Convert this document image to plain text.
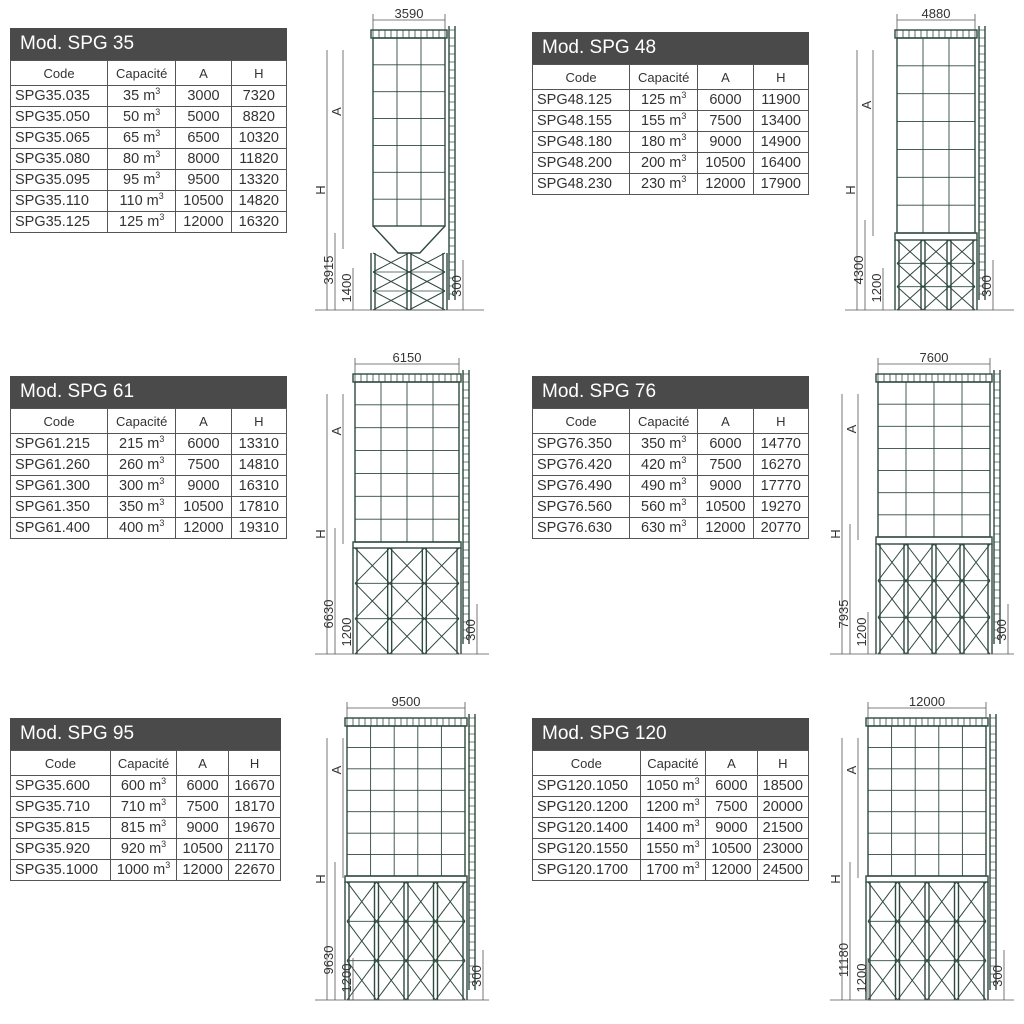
Mod. SPG 35
Code	Capacité	A	H
SPG35.035	35 $m^3$	3000	7320
SPG35.050	50 $m^3$	5000	8820
SPG35.065	65 $m^3$	6500	10320
SPG35.080	80 $m^3$	8000	11820
SPG35.095	95 $m^3$	9500	13320
SPG35.110	110 $m^3$	10500	14820
SPG35.125	125 $m^3$	12000	16320
Mod. SPG 48
Code	Capacité	A	H
SPG48.125	125 $m^3$	6000	11900
SPG48.155	155 $m^3$	7500	13400
SPG48.180	180 $m^3$	9000	14900
SPG48.200	200 $m^3$	10500	16400
SPG48.230	230 $m^3$	12000	17900
Mod. SPG 61
Code	Capacité	A	H
SPG61.215	215 $m^3$	6000	13310
SPG61.260	260 $m^3$	7500	14810
SPG61.300	300 $m^3$	9000	16310
SPG61.350	350 $m^3$	10500	17810
SPG61.400	400 $m^3$	12000	19310
Mod. SPG 76
Code	Capacité	A	H
SPG76.350	350 $m^3$	6000	14770
SPG76.420	420 $m^3$	7500	16270
SPG76.490	490 $m^3$	9000	17770
SPG76.560	560 $m^3$	10500	19270
SPG76.630	630 $m^3$	12000	20770
Mod. SPG 95
Code	Capacité	A	H
SPG35.600	600 $m^3$	6000	16670
SPG35.710	710 $m^3$	7500	18170
SPG35.815	815 $m^3$	9000	19670
SPG35.920	920 $m^3$	10500	21170
SPG35.1000	1000 $m^3$	12000	22670
Mod. SPG 120
Code	Capacité	A	H
SPG120.1050	1050 $m^3$	6000	18500
SPG120.1200	1200 $m^3$	7500	20000
SPG120.1400	1400 $m^3$	9000	21500
SPG120.1550	1550 $m^3$	10500	23000
SPG120.1700	1700 $m^3$	12000	24500
3590
H
A
3915
1400	300
4880
H
A
4300
1200	300
6150
H
A
6630
1200	300
7600
H
A
7935
1200	300
9500
H
A
9630
1200	300
12000
H
A
11180
1200	300
